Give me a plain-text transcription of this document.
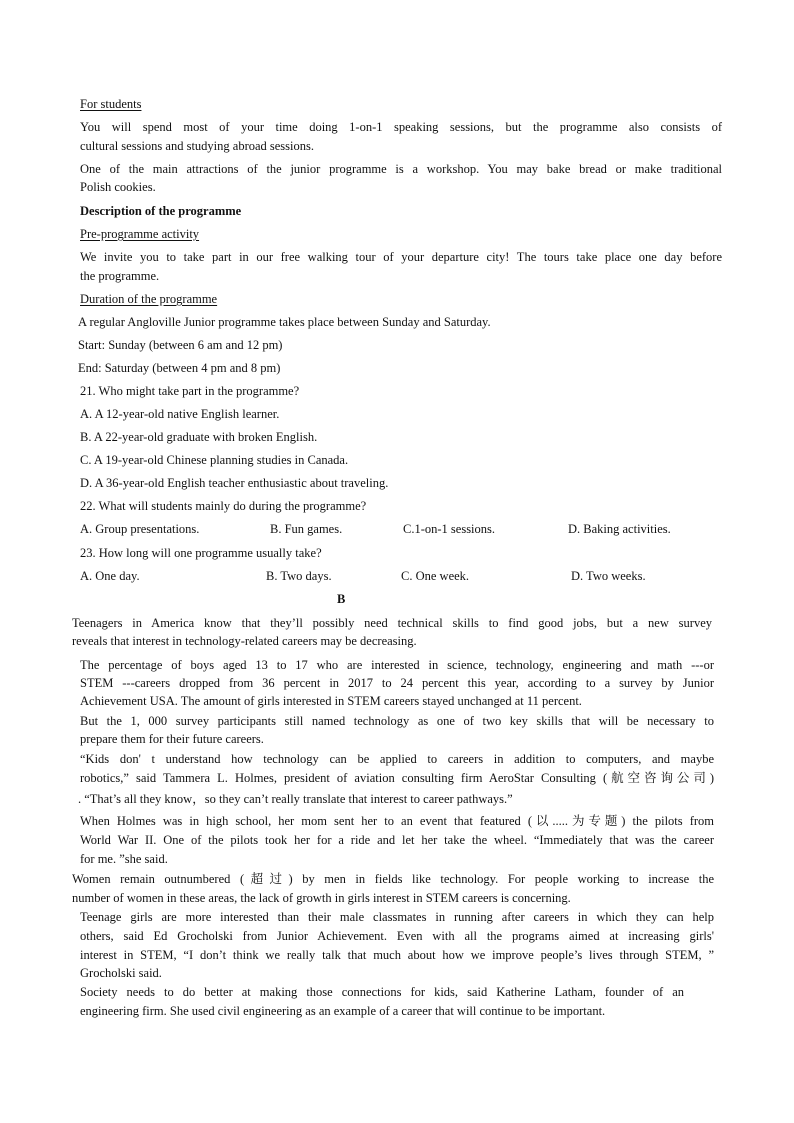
For students
You will spend most of your time doing 1-on-1 speaking sessions, but the programme also consists of
cultural sessions and studying abroad sessions.
One of the main attractions of the junior programme is a workshop. You may bake bread or make traditional
Polish cookies.
Description of the programme
Pre-programme activity
We invite you to take part in our free walking tour of your departure city! The tours take place one day before
the programme.
Duration of the programme
A regular Angloville Junior programme takes place between Sunday and Saturday.
Start: Sunday (between 6 am and 12 pm)
End: Saturday (between 4 pm and 8 pm)
21. Who might take part in the programme?
A. A 12-year-old native English learner.
B. A 22-year-old graduate with broken English.
C. A 19-year-old Chinese planning studies in Canada.
D. A 36-year-old English teacher enthusiastic about traveling.
22. What will students mainly do during the programme?
A. Group presentations.	B. Fun games.	C.1-on-1 sessions.	D. Baking activities.
23. How long will one programme usually take?
A. One day.	B. Two days.	C. One week.	D. Two weeks.
B
Teenagers in America know that they’ll possibly need technical skills to find good jobs, but a new survey
reveals that interest in technology-related careers may be decreasing.
The percentage of boys aged 13 to 17 who are interested in science, technology, engineering and math ---or
STEM ---careers dropped from 36 percent in 2017 to 24 percent this year, according to a survey by Junior
Achievement USA. The amount of girls interested in STEM careers stayed unchanged at 11 percent.
But the 1, 000 survey participants still named technology as one of two key skills that will be necessary to
prepare them for their future careers.
“Kids don' t understand how technology can be applied to careers in addition to computers, and maybe
robotics,” said Tammera L. Holmes, president of aviation consulting firm AeroStar Consulting (航空咨询公司)
. “That’s all they know，so they can’t really translate that interest to career pathways.”
When Holmes was in high school, her mom sent her to an event that featured (以.....为专题) the pilots from
World War II. One of the pilots took her for a ride and let her take the wheel. “Immediately that was the career
for me. ”she said.
Women remain outnumbered (超过) by men in fields like technology. For people working to increase the
number of women in these areas, the lack of growth in girls interest in STEM careers is concerning.
Teenage girls are more interested than their male classmates in running after careers in which they can help
others, said Ed Grocholski from Junior Achievement. Even with all the programs aimed at increasing girls'
interest in STEM, “I don’t think we really talk that much about how we improve people’s lives through STEM, ”
Grocholski said.
Society needs to do better at making those connections for kids, said Katherine Latham, founder of an
engineering firm. She used civil engineering as an example of a career that will continue to be important.
